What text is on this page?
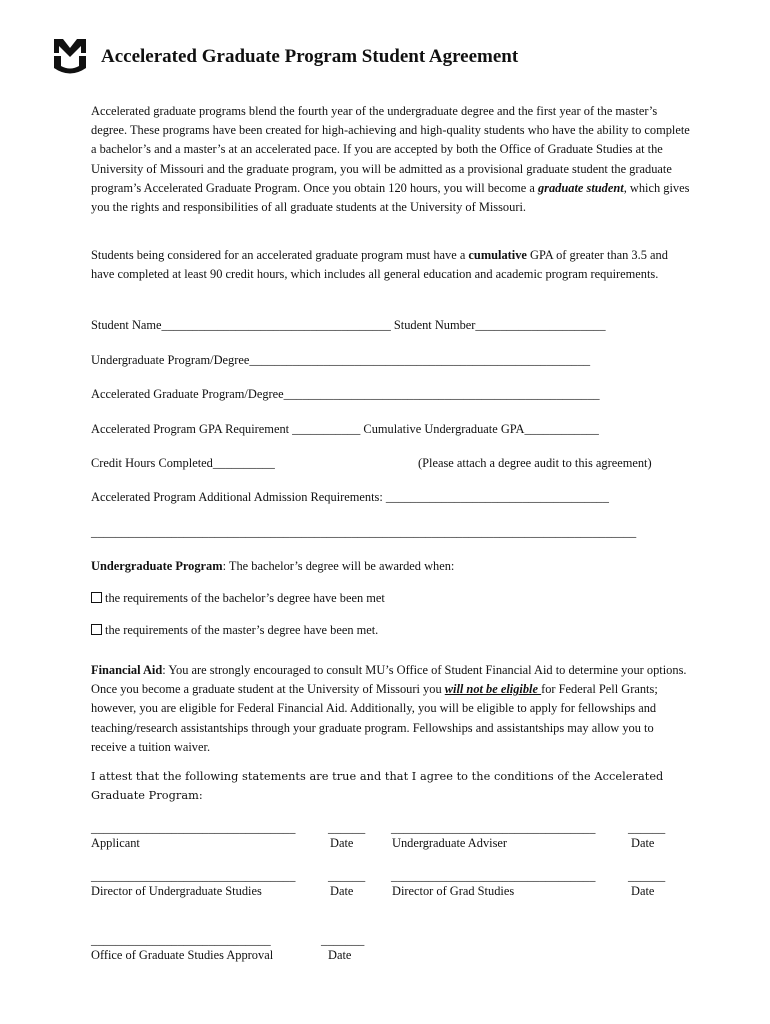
Accelerated Graduate Program Student Agreement
Accelerated graduate programs blend the fourth year of the undergraduate degree and the first year of the master’s degree. These programs have been created for high-achieving and high-quality students who have the ability to complete a bachelor’s and a master’s at an accelerated pace. If you are accepted by both the Office of Graduate Studies at the University of Missouri and the graduate program, you will be admitted as a provisional graduate student the graduate program’s Accelerated Graduate Program. Once you obtain 120 hours, you will become a graduate student, which gives you the rights and responsibilities of all graduate students at the University of Missouri.
Students being considered for an accelerated graduate program must have a cumulative GPA of greater than 3.5 and have completed at least 90 credit hours, which includes all general education and academic program requirements.
Student Name_____________________________________ Student Number_____________________
Undergraduate Program/Degree_______________________________________________________
Accelerated Graduate Program/Degree___________________________________________________
Accelerated Program GPA Requirement ___________ Cumulative Undergraduate GPA____________
Credit Hours Completed__________	(Please attach a degree audit to this agreement)
Accelerated Program Additional Admission Requirements: ____________________________________
________________________________________________________________________________________
Undergraduate Program: The bachelor’s degree will be awarded when:
the requirements of the bachelor’s degree have been met
the requirements of the master’s degree have been met.
Financial Aid: You are strongly encouraged to consult MU’s Office of Student Financial Aid to determine your options. Once you become a graduate student at the University of Missouri you will not be eligible for Federal Pell Grants; however, you are eligible for Federal Financial Aid. Additionally, you will be eligible to apply for fellowships and teaching/research assistantships through your graduate program. Fellowships and assistantships may allow you to receive a tuition waiver.
I attest that the following statements are true and that I agree to the conditions of the Accelerated Graduate Program:
_________________________________	______ _________________________________	______
Applicant	Date	Undergraduate Adviser	Date
_________________________________	______ _________________________________	______
Director of Undergraduate Studies	Date	Director of Grad Studies	Date
_____________________________	_______
Office of Graduate Studies Approval	Date
